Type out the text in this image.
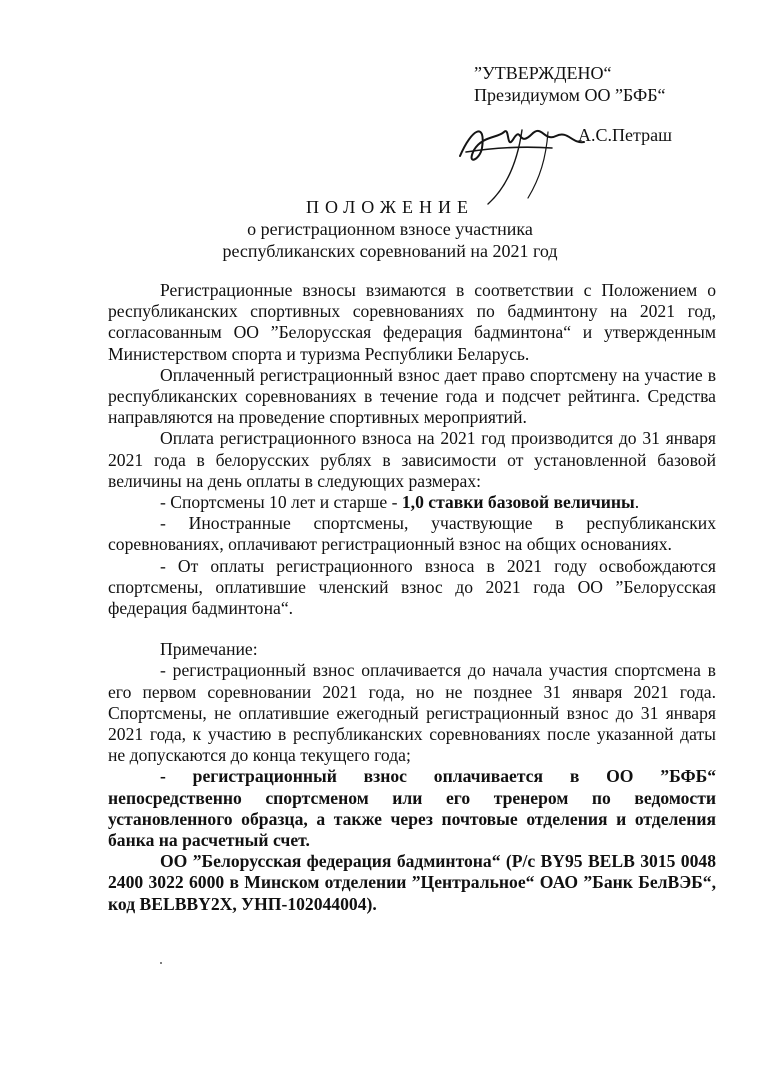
”УТВЕРЖДЕНО“
Президиумом ОО ”БФБ“
А.С.Петраш
ПОЛОЖЕНИЕ
о регистрационном взносе участника
республиканских соревнований на 2021 год

Регистрационные взносы взимаются в соответствии с Положением о республиканских спортивных соревнованиях по бадминтону на 2021 год, согласованным ОО ”Белорусская федерация бадминтона“ и утвержденным Министерством спорта и туризма Республики Беларусь.

Оплаченный регистрационный взнос дает право спортсмену на участие в республиканских соревнованиях в течение года и подсчет рейтинга. Средства направляются на проведение спортивных мероприятий.

Оплата регистрационного взноса на 2021 год производится до 31 января 2021 года в белорусских рублях в зависимости от установленной базовой величины на день оплаты в следующих размерах:

- Спортсмены 10 лет и старше - 1,0 ставки базовой величины.

- Иностранные спортсмены, участвующие в республиканских соревнованиях, оплачивают регистрационный взнос на общих основаниях.

- От оплаты регистрационного взноса в 2021 году освобождаются спортсмены, оплатившие членский взнос до 2021 года ОО ”Белорусская федерация бадминтона“.

Примечание:

- регистрационный взнос оплачивается до начала участия спортсмена в его первом соревновании 2021 года, но не позднее 31 января 2021 года. Спортсмены, не оплатившие ежегодный регистрационный взнос до 31 января 2021 года, к участию в республиканских соревнованиях после указанной даты не допускаются до конца текущего года;

- регистрационный взнос оплачивается в ОО ”БФБ“ непосредственно спортсменом или его тренером по ведомости установленного образца, а также через почтовые отделения и отделения банка на расчетный счет.

ОО ”Белорусская федерация бадминтона“ (Р/с BY95 BELB 3015 0048 2400 3022 6000 в Минском отделении ”Центральное“ ОАО ”Банк БелВЭБ“, код BELBBY2X, УНП-102044004).
